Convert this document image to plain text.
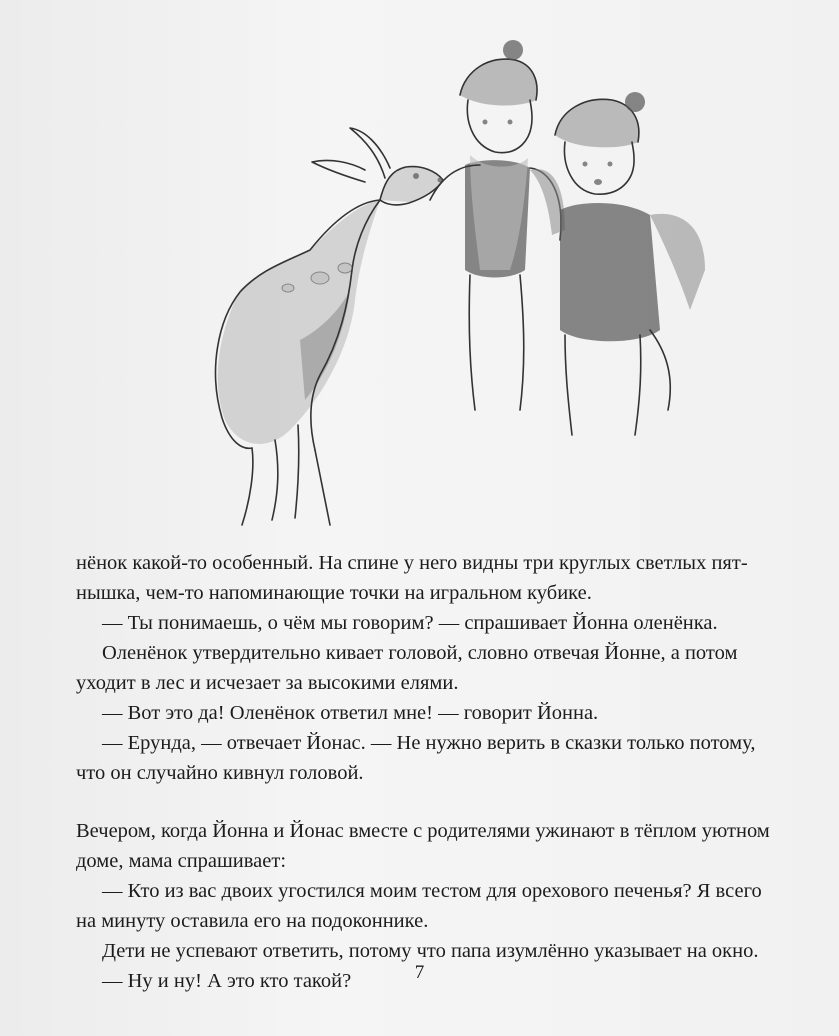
нёнок какой-то особенный. На спине у него видны три круглых светлых пят-

нышка, чем-то напоминающие точки на игральном кубике.

— Ты понимаешь, о чём мы говорим? — спрашивает Йонна оленёнка.

Оленёнок утвердительно кивает головой, словно отвечая Йонне, а потом

уходит в лес и исчезает за высокими елями.

— Вот это да! Оленёнок ответил мне! — говорит Йонна.

— Ерунда, — отвечает Йонас. — Не нужно верить в сказки только потому,

что он случайно кивнул головой.

Вечером, когда Йонна и Йонас вместе с родителями ужинают в тёплом уютном

доме, мама спрашивает:

— Кто из вас двоих угостился моим тестом для орехового печенья? Я всего

на минуту оставила его на подоконнике.

Дети не успевают ответить, потому что папа изумлённо указывает на окно.

— Ну и ну! А это кто такой?	7
